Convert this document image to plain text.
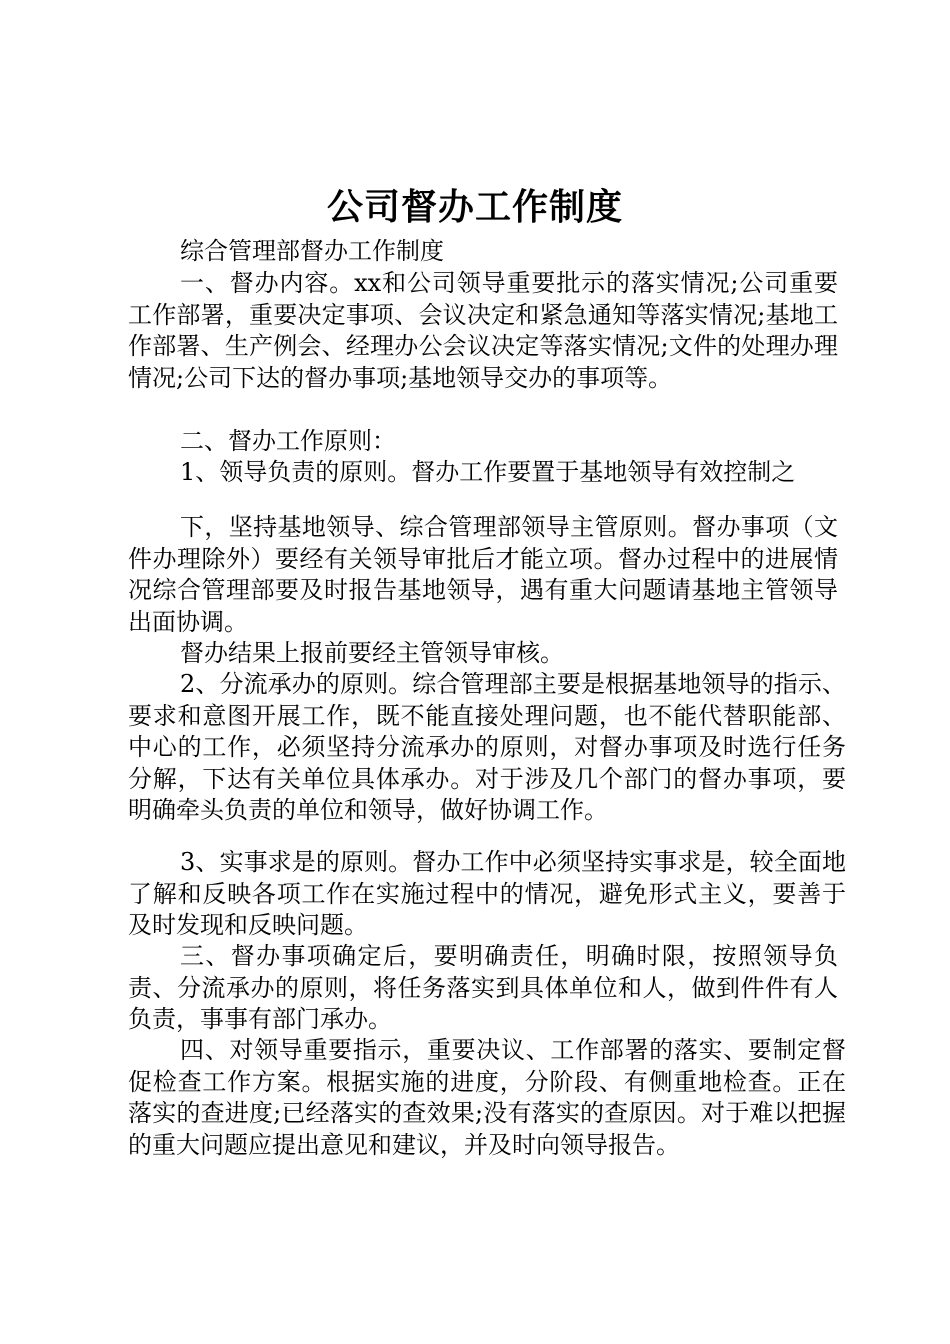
公司督办工作制度
综合管理部督办工作制度
一、督办内容。xx和公司领导重要批示的落实情况;公司重要工作部署，重要决定事项、会议决定和紧急通知等落实情况;基地工作部署、生产例会、经理办公会议决定等落实情况;文件的处理办理情况;公司下达的督办事项;基地领导交办的事项等。
二、督办工作原则：
1、领导负责的原则。督办工作要置于基地领导有效控制之
下，坚持基地领导、综合管理部领导主管原则。督办事项（文件办理除外）要经有关领导审批后才能立项。督办过程中的进展情况综合管理部要及时报告基地领导，遇有重大问题请基地主管领导出面协调。
督办结果上报前要经主管领导审核。
2、分流承办的原则。综合管理部主要是根据基地领导的指示、要求和意图开展工作，既不能直接处理问题，也不能代替职能部、中心的工作，必须坚持分流承办的原则，对督办事项及时选行任务分解，下达有关单位具体承办。对于涉及几个部门的督办事项，要明确牵头负责的单位和领导，做好协调工作。
3、实事求是的原则。督办工作中必须坚持实事求是，较全面地了解和反映各项工作在实施过程中的情况，避免形式主义，要善于及时发现和反映问题。
三、督办事项确定后，要明确责任，明确时限，按照领导负责、分流承办的原则，将任务落实到具体单位和人，做到件件有人负责，事事有部门承办。
四、对领导重要指示，重要决议、工作部署的落实、要制定督促检查工作方案。根据实施的进度，分阶段、有侧重地检查。正在落实的查进度;已经落实的查效果;没有落实的查原因。对于难以把握的重大问题应提出意见和建议，并及时向领导报告。
